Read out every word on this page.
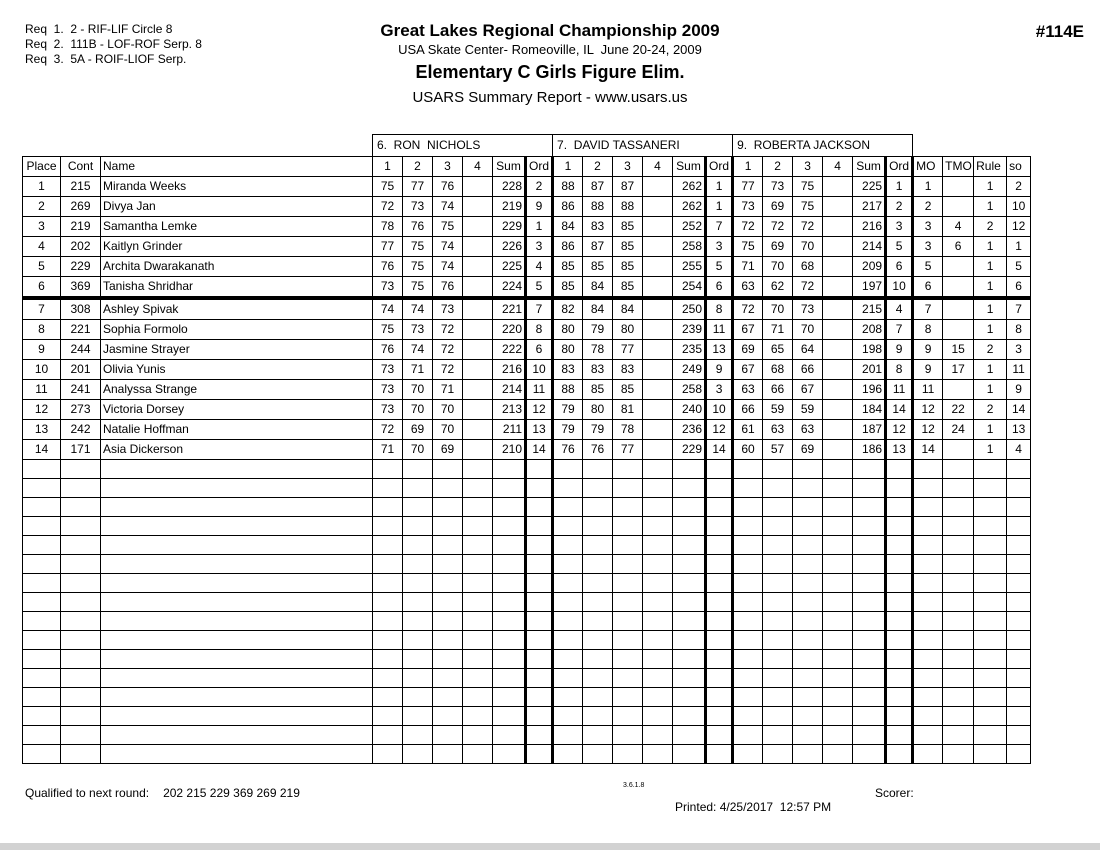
Req  1.  2 - RIF-LIF Circle 8
Req  2.  111B - LOF-ROF Serp. 8
Req  3.  5A - ROIF-LIOF Serp.
Great Lakes Regional Championship 2009
USA Skate Center- Romeoville, IL  June 20-24, 2009
Elementary C Girls Figure Elim.
USARS Summary Report - www.usars.us
#114E
			6.  RON  NICHOLS						7.  DAVID TASSANERI						9.  ROBERTA JACKSON									
Place	Cont	Name	1	2	3	4	Sum	Ord	1	2	3	4	Sum	Ord	1	2	3	4	Sum	Ord	MO	TMO	Rule	so
1	215	Miranda Weeks	75	77	76		228	2	88	87	87		262	1	77	73	75		225	1	1		1	2
2	269	Divya Jan	72	73	74		219	9	86	88	88		262	1	73	69	75		217	2	2		1	10
3	219	Samantha Lemke	78	76	75		229	1	84	83	85		252	7	72	72	72		216	3	3	4	2	12
4	202	Kaitlyn Grinder	77	75	74		226	3	86	87	85		258	3	75	69	70		214	5	3	6	1	1
5	229	Archita Dwarakanath	76	75	74		225	4	85	85	85		255	5	71	70	68		209	6	5		1	5
6	369	Tanisha Shridhar	73	75	76		224	5	85	84	85		254	6	63	62	72		197	10	6		1	6
7	308	Ashley Spivak	74	74	73		221	7	82	84	84		250	8	72	70	73		215	4	7		1	7
8	221	Sophia Formolo	75	73	72		220	8	80	79	80		239	11	67	71	70		208	7	8		1	8
9	244	Jasmine Strayer	76	74	72		222	6	80	78	77		235	13	69	65	64		198	9	9	15	2	3
10	201	Olivia Yunis	73	71	72		216	10	83	83	83		249	9	67	68	66		201	8	9	17	1	11
11	241	Analyssa Strange	73	70	71		214	11	88	85	85		258	3	63	66	67		196	11	11		1	9
12	273	Victoria Dorsey	73	70	70		213	12	79	80	81		240	10	66	59	59		184	14	12	22	2	14
13	242	Natalie Hoffman	72	69	70		211	13	79	79	78		236	12	61	63	63		187	12	12	24	1	13
14	171	Asia Dickerson	71	70	69		210	14	76	76	77		229	14	60	57	69		186	13	14		1	4

Qualified to next round: 202 215 229 369 269 219
3.6.1.8

Printed: 4/25/2017  12:57 PM

Scorer:
